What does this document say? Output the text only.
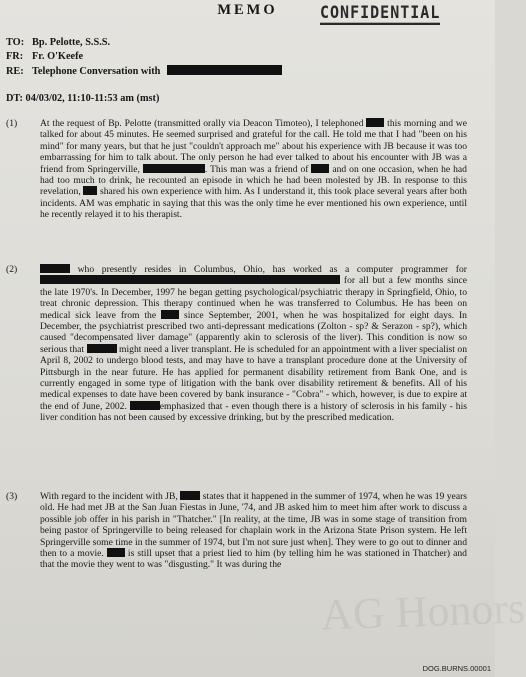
MEMO	CONFIDENTIAL
TO: Bp. Pelotte, S.S.S.
FR: Fr. O'Keefe
RE: Telephone Conversation with
DT: 04/03/02, 11:10-11:53 am (mst)
(1) At the request of Bp. Pelotte (transmitted orally via Deacon Timoteo), I telephoned this morning and we talked for about 45 minutes. He seemed surprised and grateful for the call. He told me that I had "been on his mind" for many years, but that he just "couldn't approach me" about his experience with JB because it was too embarrassing for him to talk about. The only person he had ever talked to about his encounter with JB was a friend from Springerville,	. This man was a friend of and on one occasion, when he had had too much to drink, he recounted an episode in which he had been molested by JB. In response to this revelation, shared his own experience with him. As I understand it, this took place several years after both incidents. AM was emphatic in saying that this was the only time he ever mentioned his own experience, until he recently relayed it to his therapist.
(2)	who presently resides in Columbus, Ohio, has worked as a computer programmer for  for all but a few months since the late 1970's. In December, 1997 he began getting psychological/psychiatric therapy in Springfield, Ohio, to treat chronic depression. This therapy continued when he was transferred to Columbus. He has been on medical sick leave from the	since September, 2001, when he was hospitalized for eight days. In December, the psychiatrist prescribed two anti-depressant medications (Zolton - sp? & Serazon - sp?), which caused "decompensated liver damage" (apparently akin to sclerosis of the liver). This condition is now so serious that	might need a liver transplant. He is scheduled for an appointment with a liver specialist on April 8, 2002 to undergo blood tests, and may have to have a transplant procedure done at the University of Pittsburgh in the near future. He has applied for permanent disability retirement from Bank One, and is currently engaged in some type of litigation with the bank over disability retirement & benefits. All of his medical expenses to date have been covered by bank insurance - "Cobra" - which, however, is due to expire at the end of June, 2002.	emphasized that - even though there is a history of sclerosis in his family - his liver condition has not been caused by excessive drinking, but by the prescribed medication.
(3) With regard to the incident with JB,	states that it happened in the summer of 1974, when he was 19 years old. He had met JB at the San Juan Fiestas in June, '74, and JB asked him to meet him after work to discuss a possible job offer in his parish in "Thatcher." [In reality, at the time, JB was in some stage of transition from being pastor of Springerville to being released for chaplain work in the Arizona State Prison system. He left Springerville some time in the summer of 1974, but I'm not sure just when]. They were to go out to dinner and then to a movie.	is still upset that a priest lied to him (by telling him he was stationed in Thatcher) and that the movie they went to was "disgusting." It was during the
AG Honors
DOG.BURNS.00001
